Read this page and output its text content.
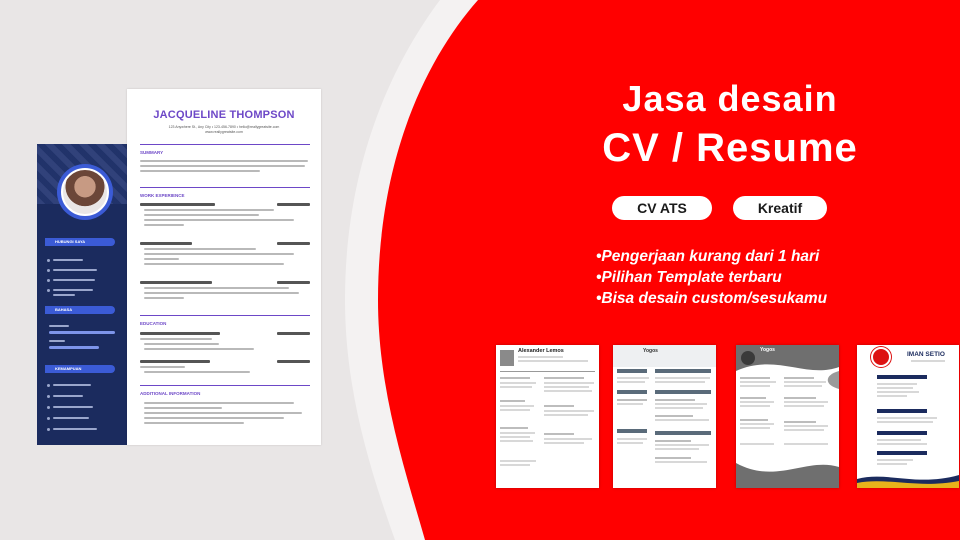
HUBUNGI SAYA
BAHASA
KEMAMPUAN
JACQUELINE THOMPSON
123 Anywhere St., Any City • 123-456-7890 • hello@reallygreatsite.com
www.reallygreatsite.com
SUMMARY
WORK EXPERIENCE
EDUCATION
ADDITIONAL INFORMATION
Jasa desain
CV / Resume
CV ATS	Kreatif
•Pengerjaan kurang dari 1 hari
•Pilihan Template terbaru
•Bisa desain custom/sesukamu
Alexander Lemos	Yogos	Yogos
IMAN SETIO
